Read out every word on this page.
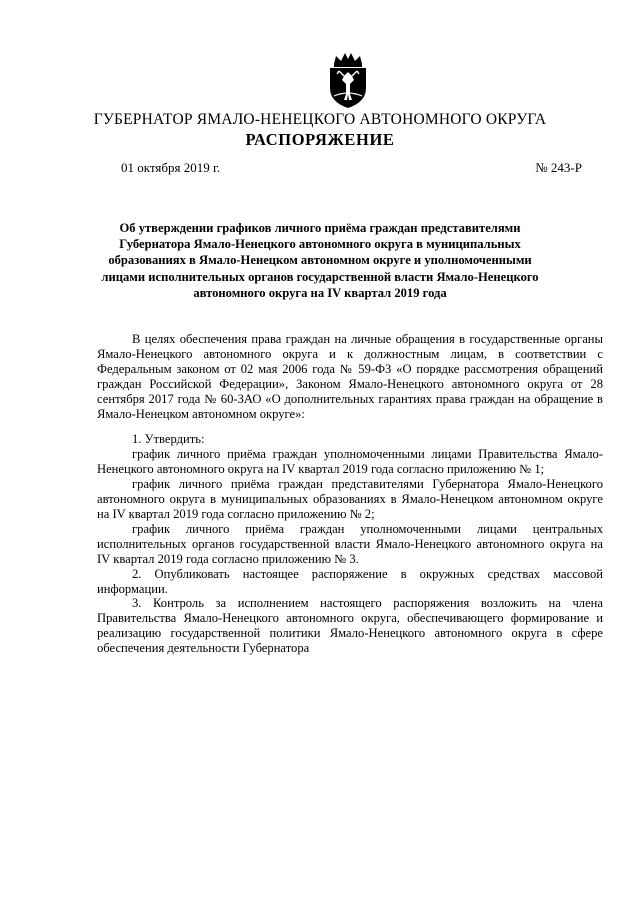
ГУБЕРНАТОР ЯМАЛО-НЕНЕЦКОГО АВТОНОМНОГО ОКРУГА
РАСПОРЯЖЕНИЕ
01 октября 2019 г.	№ 243-Р
Об утверждении графиков личного приёма граждан представителями Губернатора Ямало-Ненецкого автономного округа в муниципальных образованиях в Ямало-Ненецком автономном округе и уполномоченными лицами исполнительных органов государственной власти Ямало-Ненецкого автономного округа на IV квартал 2019 года

В целях обеспечения права граждан на личные обращения в государственные органы Ямало-Ненецкого автономного округа и к должностным лицам, в соответствии с Федеральным законом от 02 мая 2006 года № 59-ФЗ «О порядке рассмотрения обращений граждан Российской Федерации», Законом Ямало-Ненецкого автономного округа от 28 сентября 2017 года № 60-ЗАО «О дополнительных гарантиях права граждан на обращение в Ямало-Ненецком автономном округе»:

1. Утвердить:

график личного приёма граждан уполномоченными лицами Правительства Ямало-Ненецкого автономного округа на IV квартал 2019 года согласно приложению № 1;

график личного приёма граждан представителями Губернатора Ямало-Ненецкого автономного округа в муниципальных образованиях в Ямало-Ненецком автономном округе на IV квартал 2019 года согласно приложению № 2;

график личного приёма граждан уполномоченными лицами центральных исполнительных органов государственной власти Ямало-Ненецкого автономного округа на IV квартал 2019 года согласно приложению № 3.

2. Опубликовать настоящее распоряжение в окружных средствах массовой информации.

3. Контроль за исполнением настоящего распоряжения возложить на члена Правительства Ямало-Ненецкого автономного округа, обеспечивающего формирование и реализацию государственной политики Ямало-Ненецкого автономного округа в сфере обеспечения деятельности Губернатора
